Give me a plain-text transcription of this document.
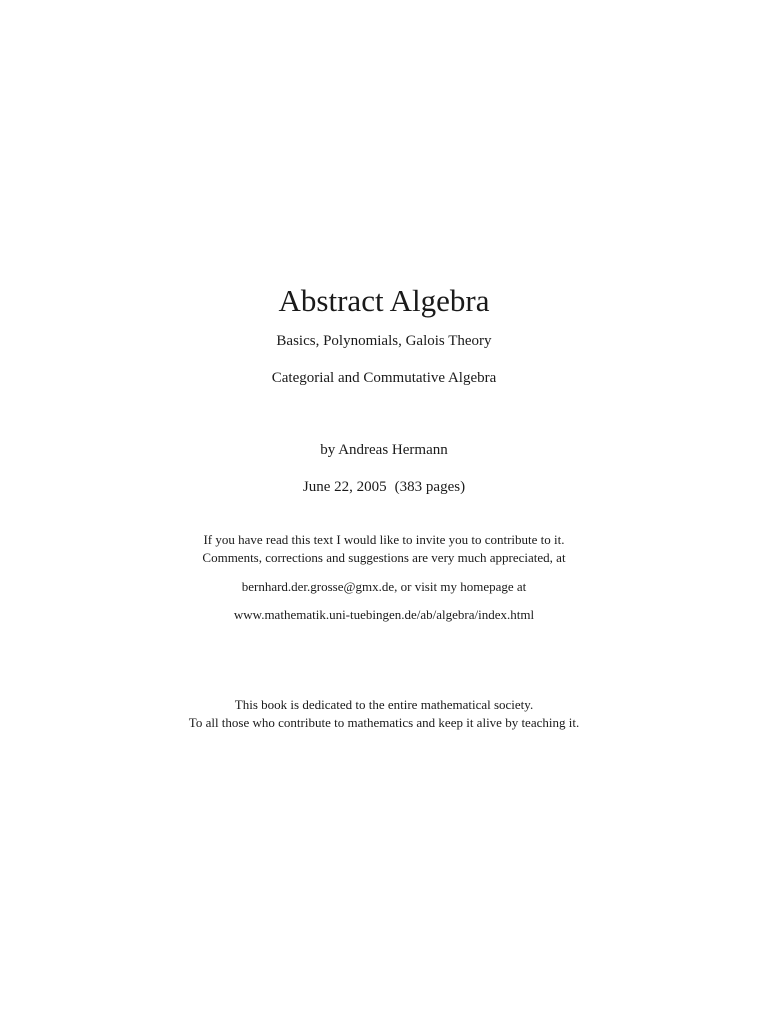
Abstract Algebra
Basics, Polynomials, Galois Theory
Categorial and Commutative Algebra
by Andreas Hermann
June 22, 2005 (383 pages)
If you have read this text I would like to invite you to contribute to it.
Comments, corrections and suggestions are very much appreciated, at
bernhard.der.grosse@gmx.de, or visit my homepage at
www.mathematik.uni-tuebingen.de/ab/algebra/index.html
This book is dedicated to the entire mathematical society.
To all those who contribute to mathematics and keep it alive by teaching it.
